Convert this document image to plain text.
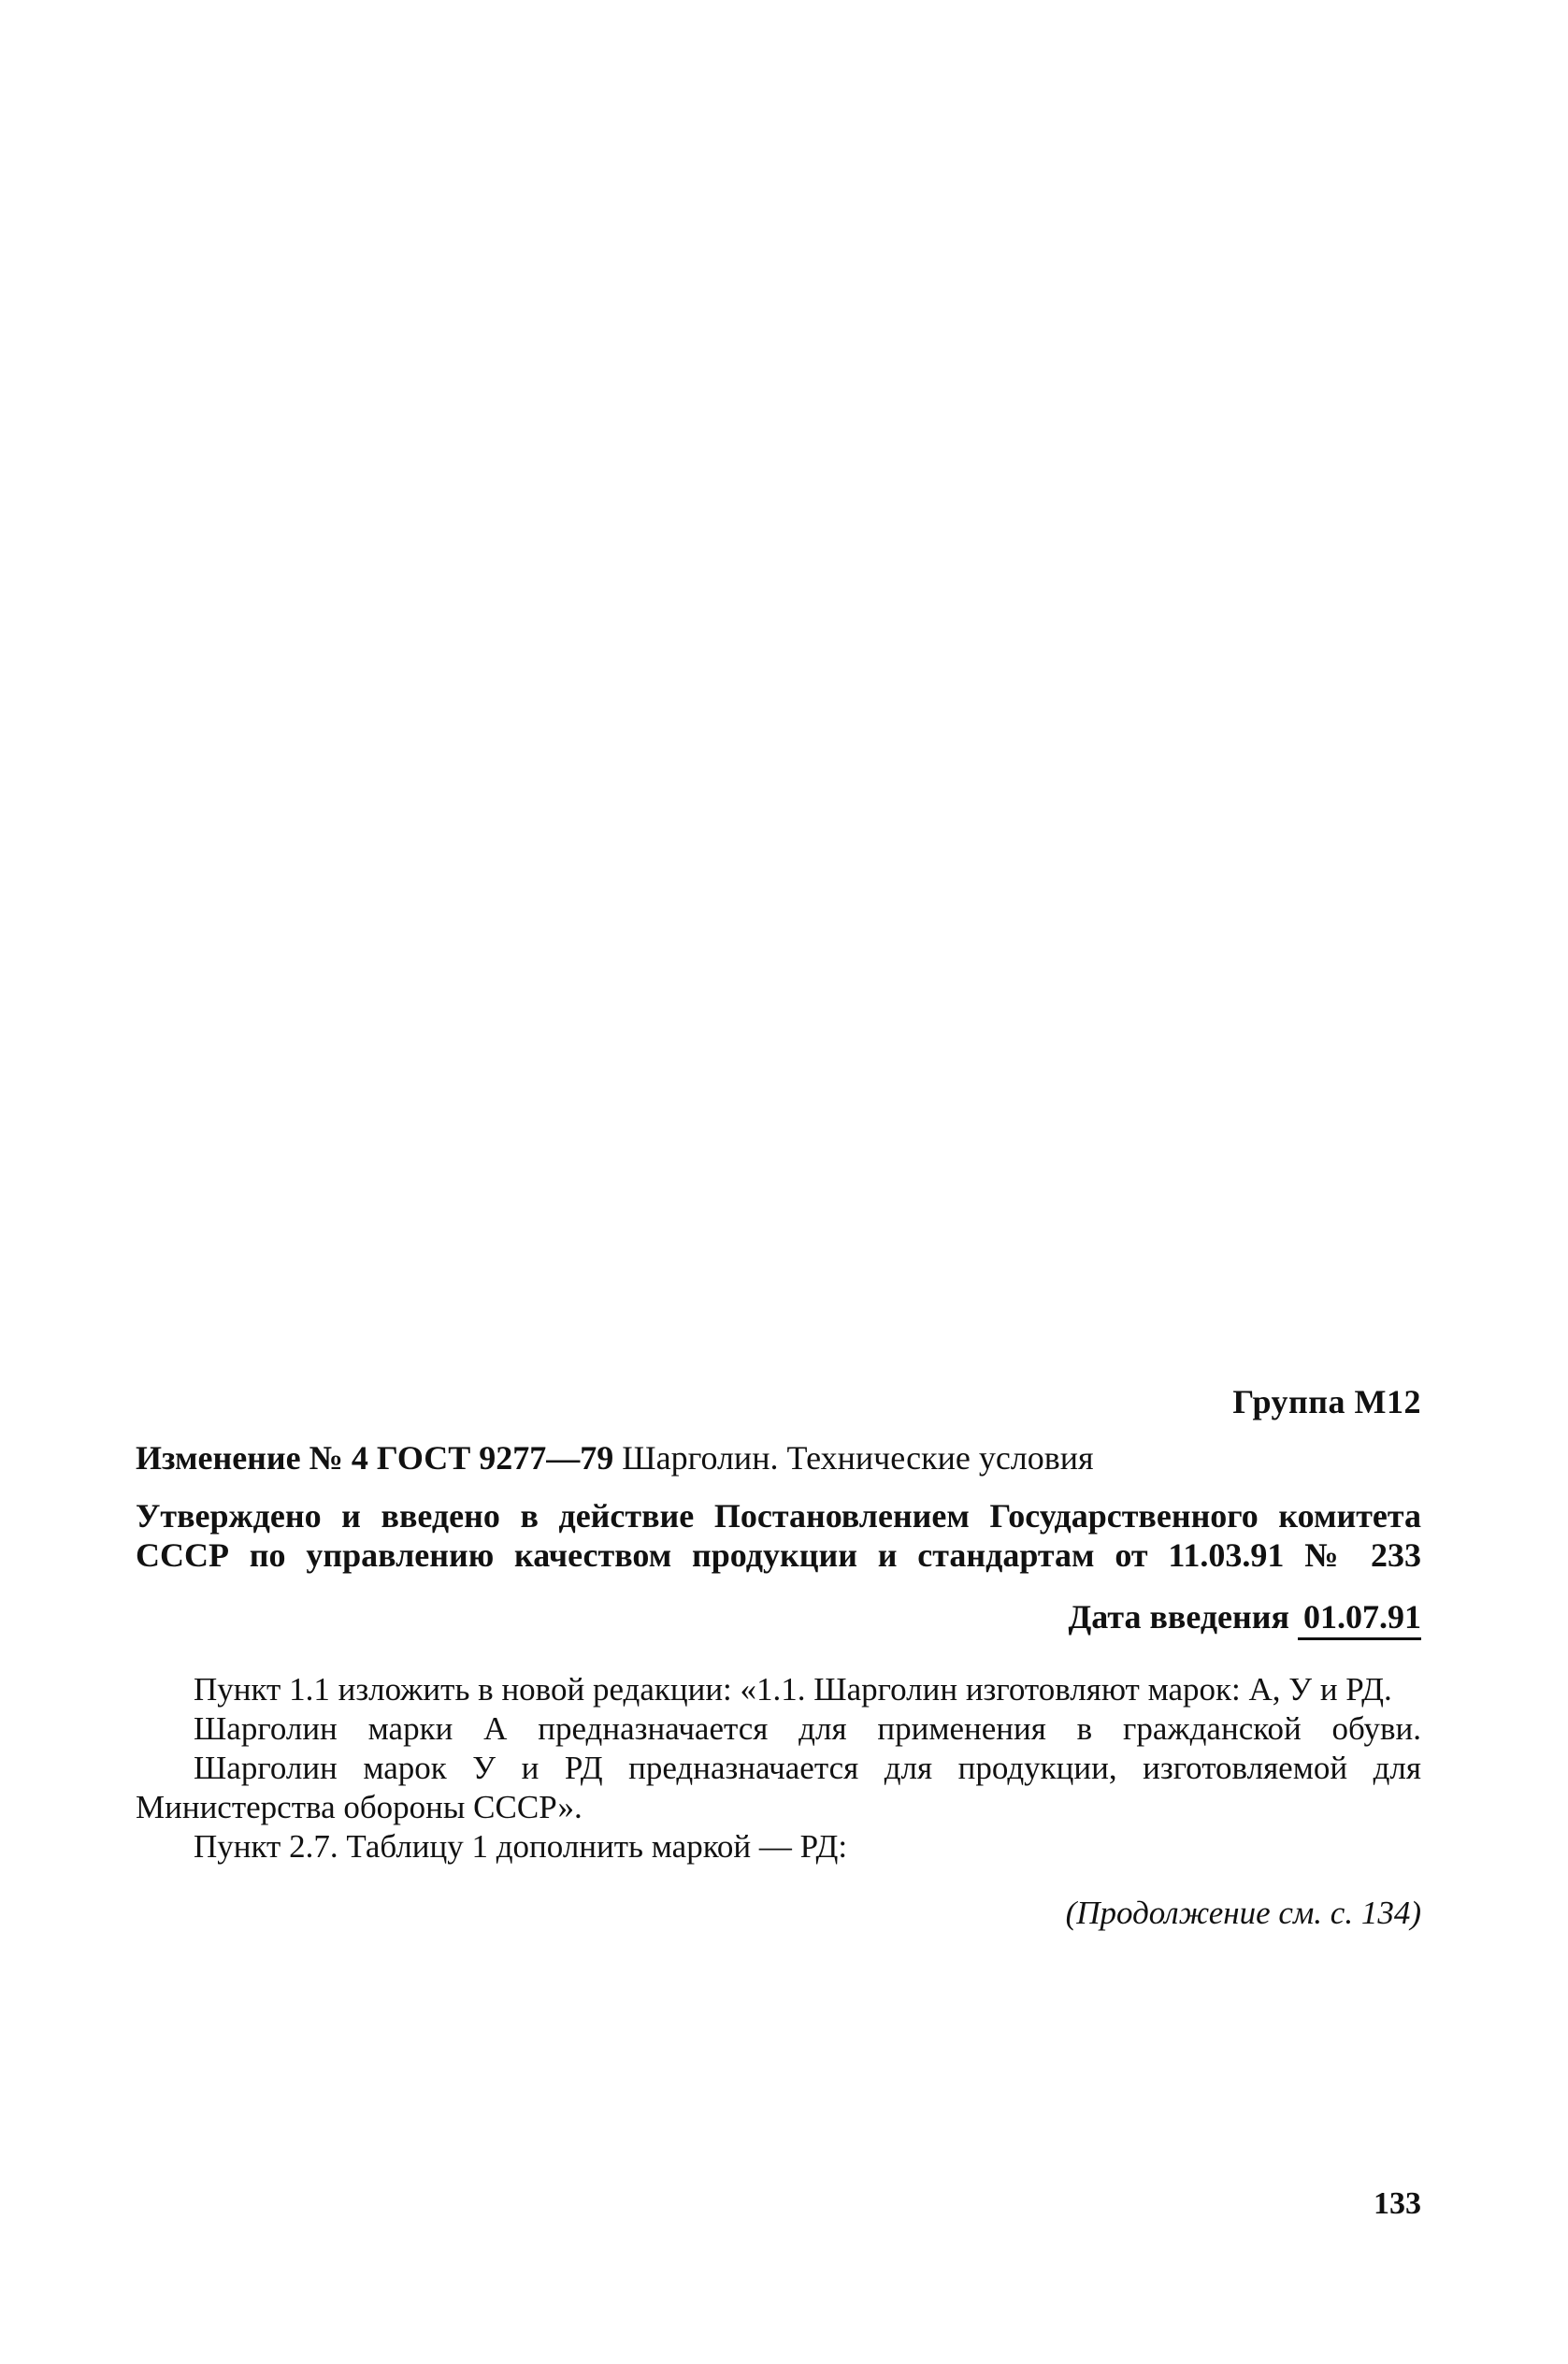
Группа М12
Изменение № 4 ГОСТ 9277—79 Шарголин. Технические условия
Утверждено и введено в действие Постановлением Государственного комитета
СССР по управлению качеством продукции и стандартам от 11.03.91 № 233
Дата введения 01.07.91
Пункт 1.1 изложить в новой редакции: «1.1. Шарголин изготовляют марок: А, У и РД.
Шарголин марки А предназначается для применения в гражданской обуви.
Шарголин марок У и РД предназначается для продукции, изготовляемой для Министерства обороны СССР».
Пункт 2.7. Таблицу 1 дополнить маркой — РД:
(Продолжение см. с. 134)
133
